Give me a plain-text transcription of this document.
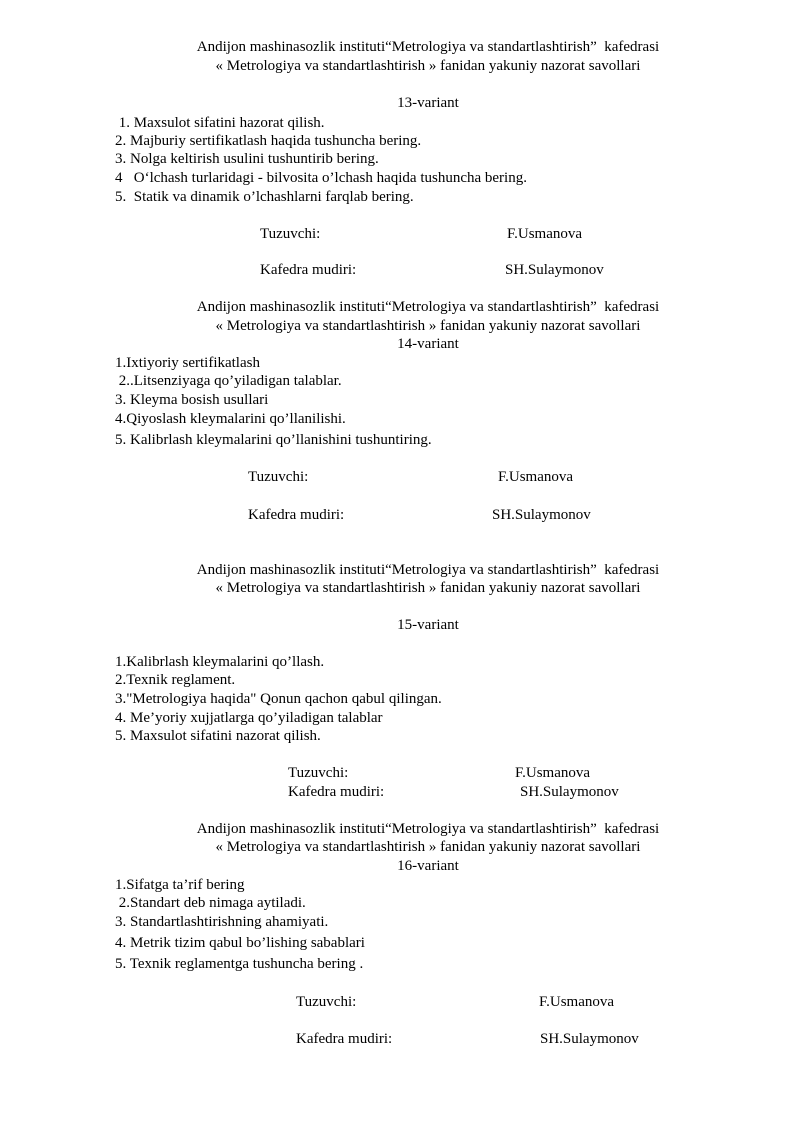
Andijon mashinasozlik instituti“Metrologiya va standartlashtirish”  kafedrasi
« Metrologiya va standartlashtirish » fanidan yakuniy nazorat savollari
13-variant
1. Maxsulot sifatini hazorat qilish.
2. Majburiy sertifikatlash haqida tushuncha bering.
3. Nolga keltirish usulini tushuntirib bering.
4   O‘lchash turlaridagi - bilvosita o’lchash haqida tushuncha bering.
5.  Statik va dinamik o’lchashlarni farqlab bering.
Tuzuvchi:	F.Usmanova
Kafedra mudiri:	SH.Sulaymonov
Andijon mashinasozlik instituti“Metrologiya va standartlashtirish”  kafedrasi
« Metrologiya va standartlashtirish » fanidan yakuniy nazorat savollari
14-variant
1.Ixtiyoriy sertifikatlash
2..Litsenziyaga qo’yiladigan talablar.
3. Kleyma bosish usullari
4.Qiyoslash kleymalarini qo’llanilishi.
5. Kalibrlash kleymalarini qo’llanishini tushuntiring.
Tuzuvchi:	F.Usmanova
Kafedra mudiri:	SH.Sulaymonov
Andijon mashinasozlik instituti“Metrologiya va standartlashtirish”  kafedrasi
« Metrologiya va standartlashtirish » fanidan yakuniy nazorat savollari
15-variant
1.Kalibrlash kleymalarini qo’llash.
2.Texnik reglament.
3."Metrologiya haqida" Qonun qachon qabul qilingan.
4. Me’yoriy xujjatlarga qo’yiladigan talablar
5. Maxsulot sifatini nazorat qilish.
Tuzuvchi:	F.Usmanova
Kafedra mudiri:	SH.Sulaymonov
Andijon mashinasozlik instituti“Metrologiya va standartlashtirish”  kafedrasi
« Metrologiya va standartlashtirish » fanidan yakuniy nazorat savollari
16-variant
1.Sifatga ta’rif bering
2.Standart deb nimaga aytiladi.
3. Standartlashtirishning ahamiyati.
4. Metrik tizim qabul bo’lishing sabablari
5. Texnik reglamentga tushuncha bering .
Tuzuvchi:	F.Usmanova
Kafedra mudiri:	SH.Sulaymonov
